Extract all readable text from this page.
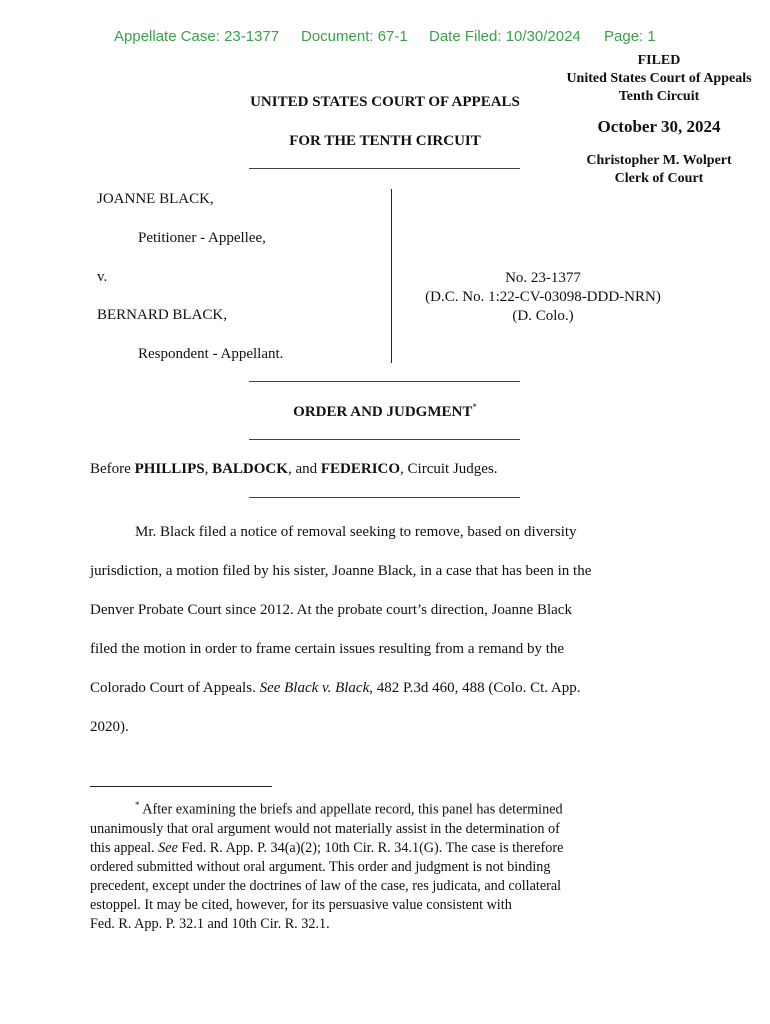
Appellate Case: 23-1377 Document: 67-1 Date Filed: 10/30/2024 Page: 1
FILED
United States Court of Appeals
Tenth Circuit
October 30, 2024
Christopher M. Wolpert
Clerk of Court
UNITED STATES COURT OF APPEALS
FOR THE TENTH CIRCUIT
JOANNE BLACK,
Petitioner - Appellee,
v.
BERNARD BLACK,
Respondent - Appellant.
No. 23-1377
(D.C. No. 1:22-CV-03098-DDD-NRN)
(D. Colo.)
ORDER AND JUDGMENT*
Before PHILLIPS, BALDOCK, and FEDERICO, Circuit Judges.

Mr. Black filed a notice of removal seeking to remove, based on diversity

jurisdiction, a motion filed by his sister, Joanne Black, in a case that has been in the

Denver Probate Court since 2012. At the probate court’s direction, Joanne Black

filed the motion in order to frame certain issues resulting from a remand by the

Colorado Court of Appeals. See Black v. Black, 482 P.3d 460, 488 (Colo. Ct. App.

2020).

* After examining the briefs and appellate record, this panel has determined

unanimously that oral argument would not materially assist in the determination of

this appeal. See Fed. R. App. P. 34(a)(2); 10th Cir. R. 34.1(G). The case is therefore

ordered submitted without oral argument. This order and judgment is not binding

precedent, except under the doctrines of law of the case, res judicata, and collateral

estoppel. It may be cited, however, for its persuasive value consistent with

Fed. R. App. P. 32.1 and 10th Cir. R. 32.1.
